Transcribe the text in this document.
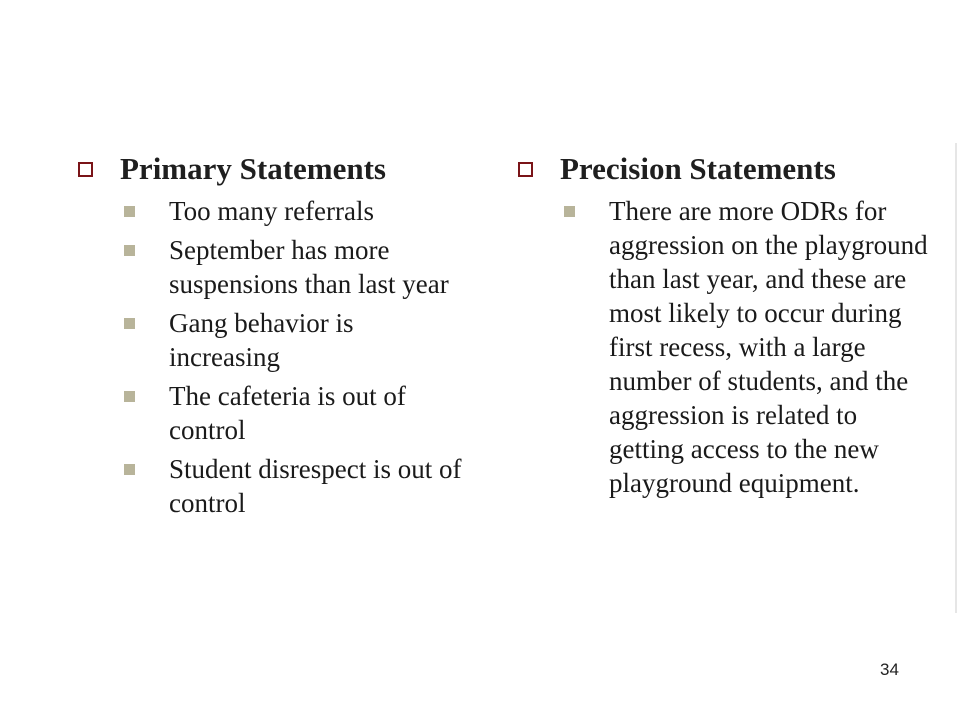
Primary Statements
Too many referrals
September has more suspensions than last year
Gang behavior is increasing
The cafeteria is out of control
Student disrespect is out of control
Precision Statements
There are more ODRs for aggression on the playground than last year, and these are most likely to occur during first recess, with a large number of students, and the aggression is related to getting access to the new playground equipment.
34
